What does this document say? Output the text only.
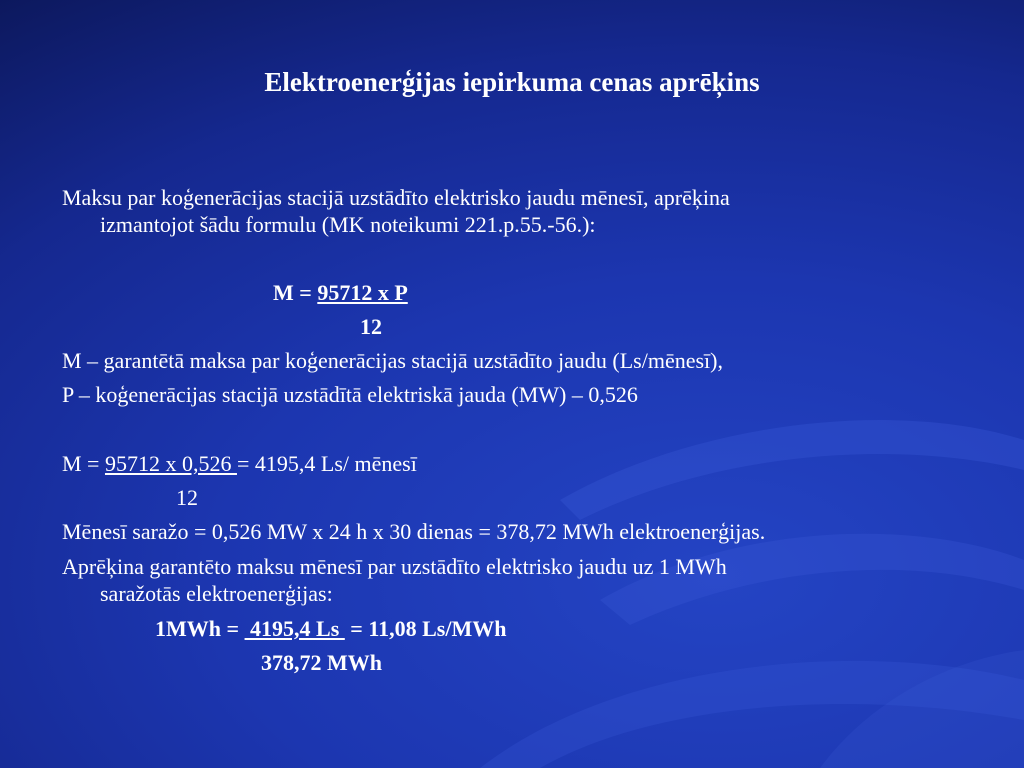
Elektroenerģijas iepirkuma cenas aprēķins

Maksu par koģenerācijas stacijā uzstādīto elektrisko jaudu mēnesī, aprēķina

izmantojot šādu formulu (MK noteikumi 221.p.55.-56.):

M = 95712 x P

12

M – garantētā maksa par koģenerācijas stacijā uzstādīto jaudu (Ls/mēnesī),

P – koģenerācijas stacijā uzstādītā elektriskā jauda (MW) – 0,526

M = 95712 x 0,526 = 4195,4 Ls/ mēnesī

12

Mēnesī saražo = 0,526 MW x 24 h x 30 dienas = 378,72 MWh elektroenerģijas.

Aprēķina garantēto maksu mēnesī par uzstādīto elektrisko jaudu uz 1 MWh

saražotās elektroenerģijas:

1MWh =  4195,4 Ls  = 11,08 Ls/MWh

378,72 MWh
